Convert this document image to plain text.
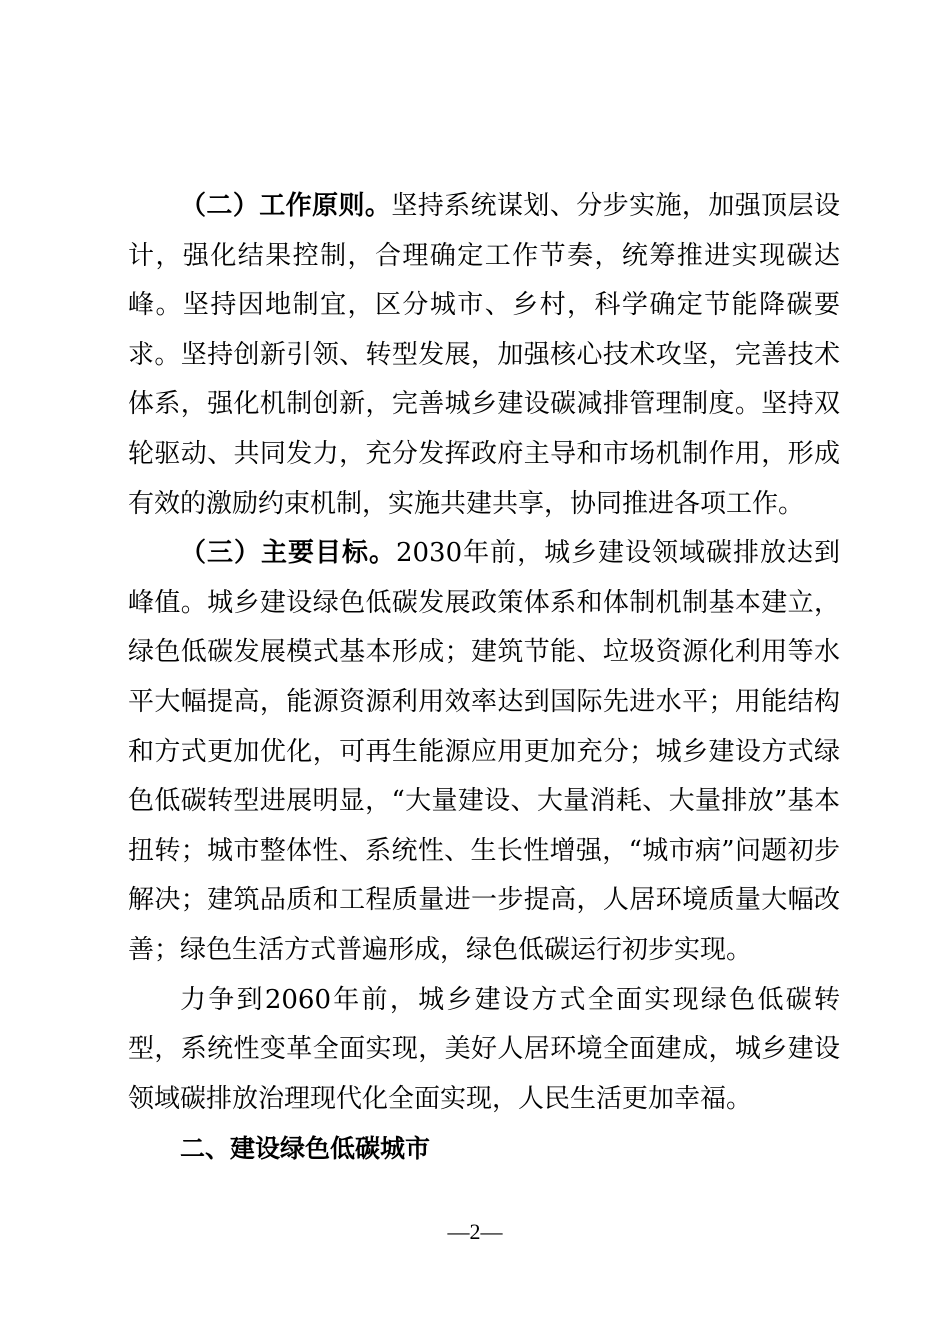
（二）工作原则。坚持系统谋划、分步实施，加强顶层设计，强化结果控制，合理确定工作节奏，统筹推进实现碳达峰。坚持因地制宜，区分城市、乡村，科学确定节能降碳要求。坚持创新引领、转型发展，加强核心技术攻坚，完善技术体系，强化机制创新，完善城乡建设碳减排管理制度。坚持双轮驱动、共同发力，充分发挥政府主导和市场机制作用，形成有效的激励约束机制，实施共建共享，协同推进各项工作。

（三）主要目标。2030年前，城乡建设领域碳排放达到峰值。城乡建设绿色低碳发展政策体系和体制机制基本建立，绿色低碳发展模式基本形成；建筑节能、垃圾资源化利用等水平大幅提高，能源资源利用效率达到国际先进水平；用能结构和方式更加优化，可再生能源应用更加充分；城乡建设方式绿色低碳转型进展明显，“大量建设、大量消耗、大量排放”基本扭转；城市整体性、系统性、生长性增强，“城市病”问题初步解决；建筑品质和工程质量进一步提高，人居环境质量大幅改善；绿色生活方式普遍形成，绿色低碳运行初步实现。

力争到2060年前，城乡建设方式全面实现绿色低碳转型，系统性变革全面实现，美好人居环境全面建成，城乡建设领域碳排放治理现代化全面实现，人民生活更加幸福。

二、建设绿色低碳城市

—2—
